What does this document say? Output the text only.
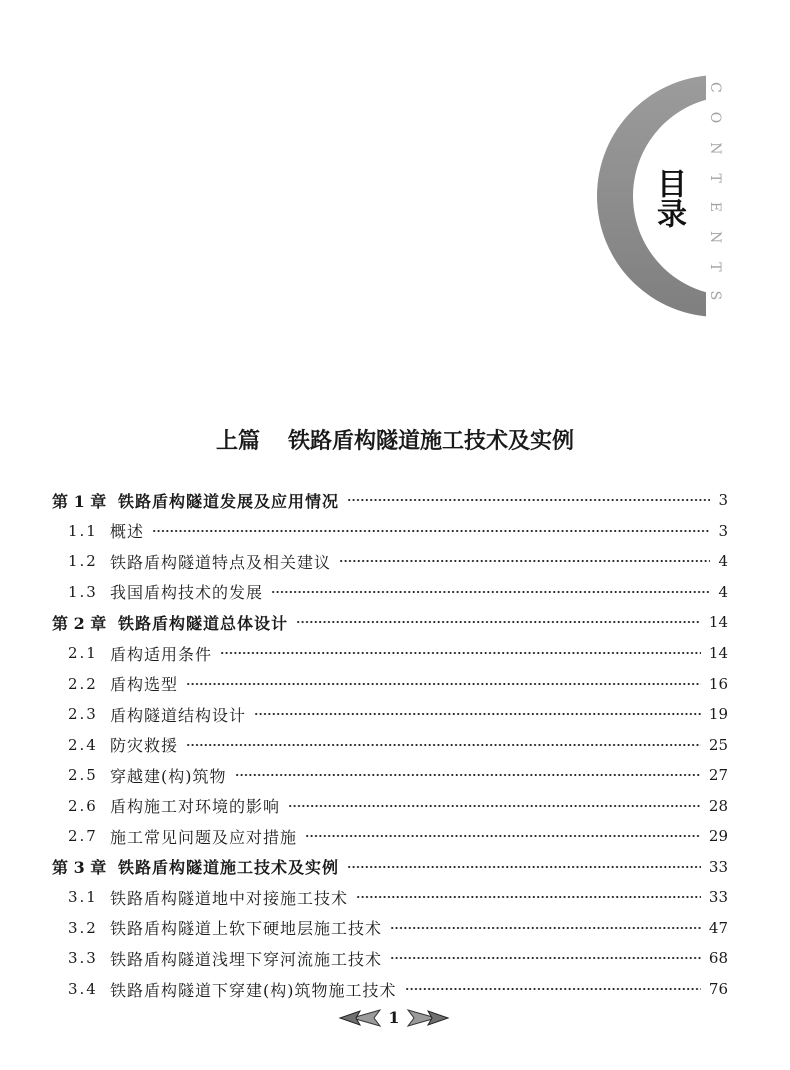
目录 CONTENTS
上篇 铁路盾构隧道施工技术及实例
第 1 章 铁路盾构隧道发展及应用情况	3
1.1 概述	3
1.2 铁路盾构隧道特点及相关建议	4
1.3 我国盾构技术的发展	4
第 2 章 铁路盾构隧道总体设计	14
2.1 盾构适用条件	14
2.2 盾构选型	16
2.3 盾构隧道结构设计	19
2.4 防灾救援	25
2.5 穿越建(构)筑物	27
2.6 盾构施工对环境的影响	28
2.7 施工常见问题及应对措施	29
第 3 章 铁路盾构隧道施工技术及实例	33
3.1 铁路盾构隧道地中对接施工技术	33
3.2 铁路盾构隧道上软下硬地层施工技术	47
3.3 铁路盾构隧道浅埋下穿河流施工技术	68
3.4 铁路盾构隧道下穿建(构)筑物施工技术	76
1
